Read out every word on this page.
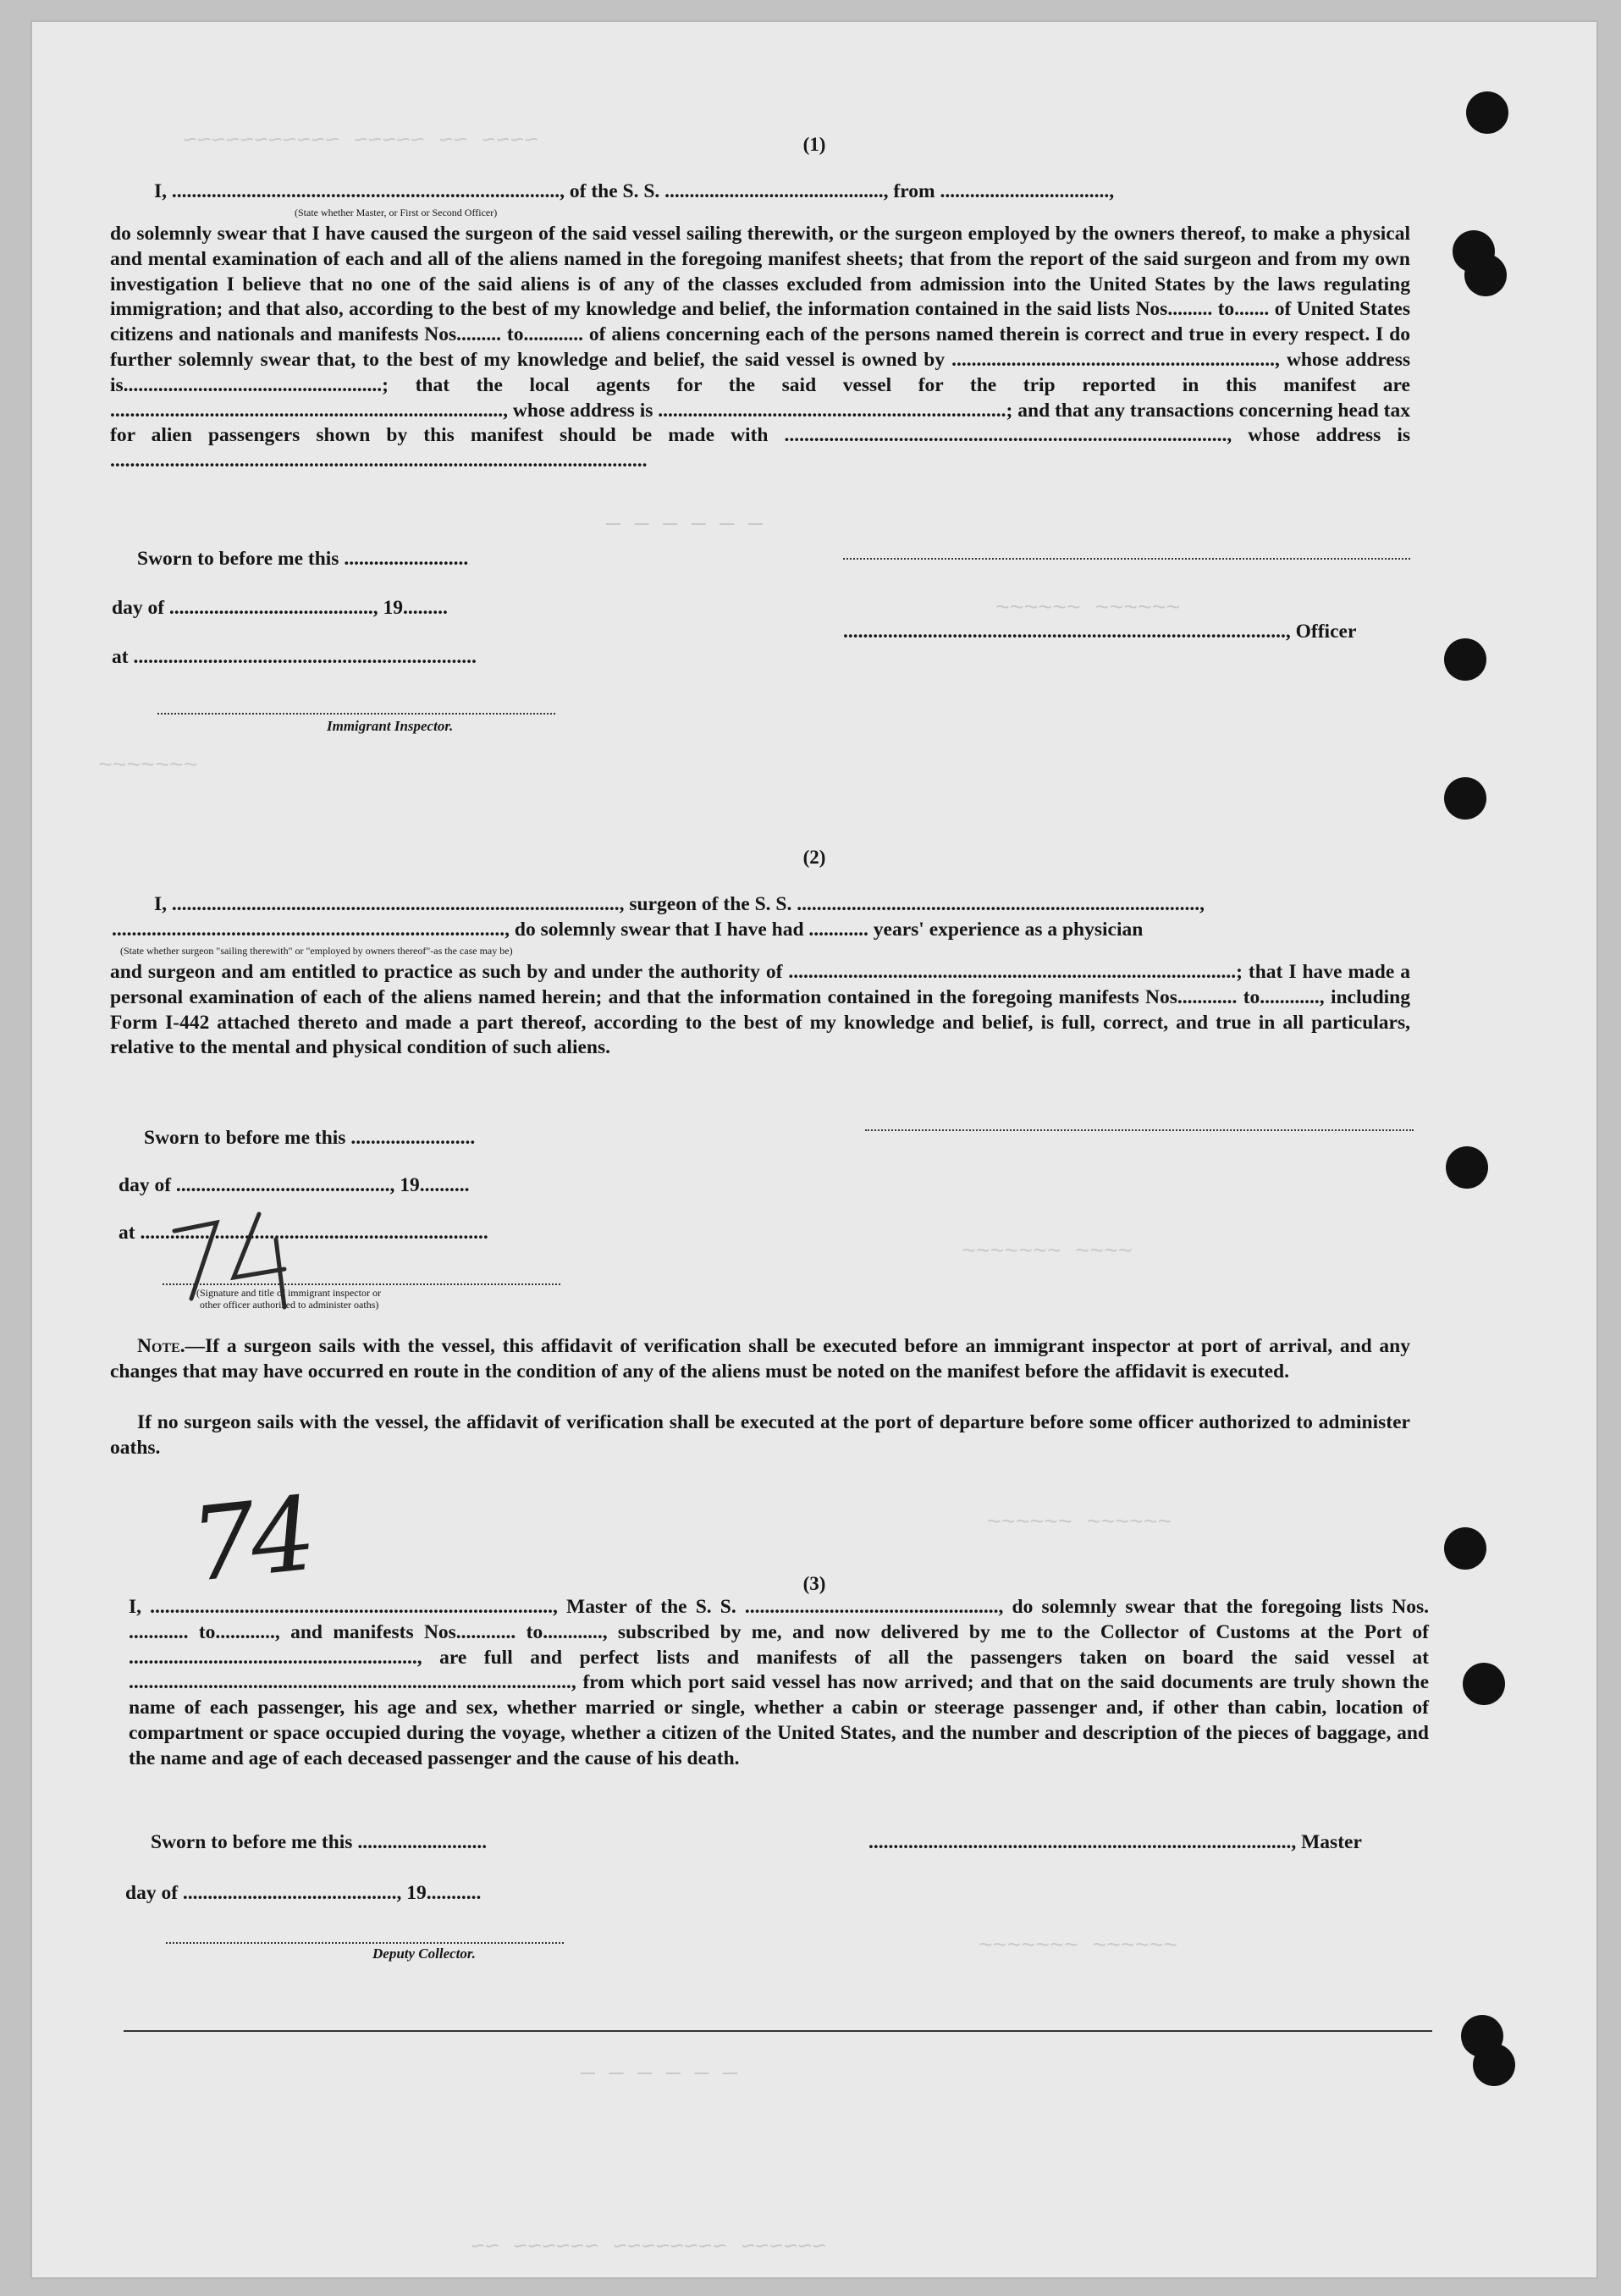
~~~~ ~~ ~~~~~ ~~~~~~~~~~~
— — — — — —
~~~~~~ ~~~~~~
~~~~~~~
~~~~~~~ ~~~~
~~~~~~ ~~~~~~
~~~~~~~ ~~~~~~
— — — — — —
~~~~~~ ~~~~~~~~ ~~~~~~ ~~
(1)
I, .............................................................................., of the S. S. ............................................, from ..................................,
(State whether Master, or First or Second Officer)

do solemnly swear that I have caused the surgeon of the said vessel sailing therewith, or the surgeon employed by the owners thereof, to make a physical and mental examination of each and all of the aliens named in the foregoing manifest sheets; that from the report of the said surgeon and from my own investigation I believe that no one of the said aliens is of any of the classes excluded from admission into the United States by the laws regulating immigration; and that also, according to the best of my knowledge and belief, the information contained in the said lists Nos......... to....... of United States citizens and nationals and manifests Nos......... to............ of aliens concerning each of the persons named therein is correct and true in every respect. I do further solemnly swear that, to the best of my knowledge and belief, the said vessel is owned by ................................................................., whose address is....................................................; that the local agents for the said vessel for the trip reported in this manifest are ..............................................................................., whose address is ......................................................................; and that any transactions concerning head tax for alien passengers shown by this manifest should be made with ........................................................................................., whose address is ............................................................................................................

Sworn to before me this .........................
day of ........................................., 19.........
at .....................................................................
........................................................................................., Officer
Immigrant Inspector.
(2)
I, .........................................................................................., surgeon of the S. S. .................................................................................,
..............................................................................., do solemnly swear that I have had ............ years' experience as a physician
(State whether surgeon "sailing therewith" or "employed by owners thereof"-as the case may be)

and surgeon and am entitled to practice as such by and under the authority of ..........................................................................................; that I have made a personal examination of each of the aliens named herein; and that the information contained in the foregoing manifests Nos............ to............, including Form I-442 attached thereto and made a part thereof, according to the best of my knowledge and belief, is full, correct, and true in all particulars, relative to the mental and physical condition of such aliens.

Sworn to before me this .........................
day of ..........................................., 19..........
at ......................................................................
(Signature and title of immigrant inspector or
other officer authorized to administer oaths)

Note.—If a surgeon sails with the vessel, this affidavit of verification shall be executed before an immigrant inspector at port of arrival, and any changes that may have occurred en route in the condition of any of the aliens must be noted on the manifest before the affidavit is executed.

If no surgeon sails with the vessel, the affidavit of verification shall be executed at the port of departure before some officer authorized to administer oaths.

74	(3)

I, ................................................................................., Master of the S. S. ..................................................., do solemnly swear that the foregoing lists Nos. ............ to............, and manifests Nos............ to............, subscribed by me, and now delivered by me to the Collector of Customs at the Port of .........................................................., are full and perfect lists and manifests of all the passengers taken on board the said vessel at ........................................................................................., from which port said vessel has now arrived; and that on the said documents are truly shown the name of each passenger, his age and sex, whether married or single, whether a cabin or steerage passenger and, if other than cabin, location of compartment or space occupied during the voyage, whether a citizen of the United States, and the number and description of the pieces of baggage, and the name and age of each deceased passenger and the cause of his death.

Sworn to before me this ..........................	....................................................................................., Master
day of ..........................................., 19...........
Deputy Collector.
